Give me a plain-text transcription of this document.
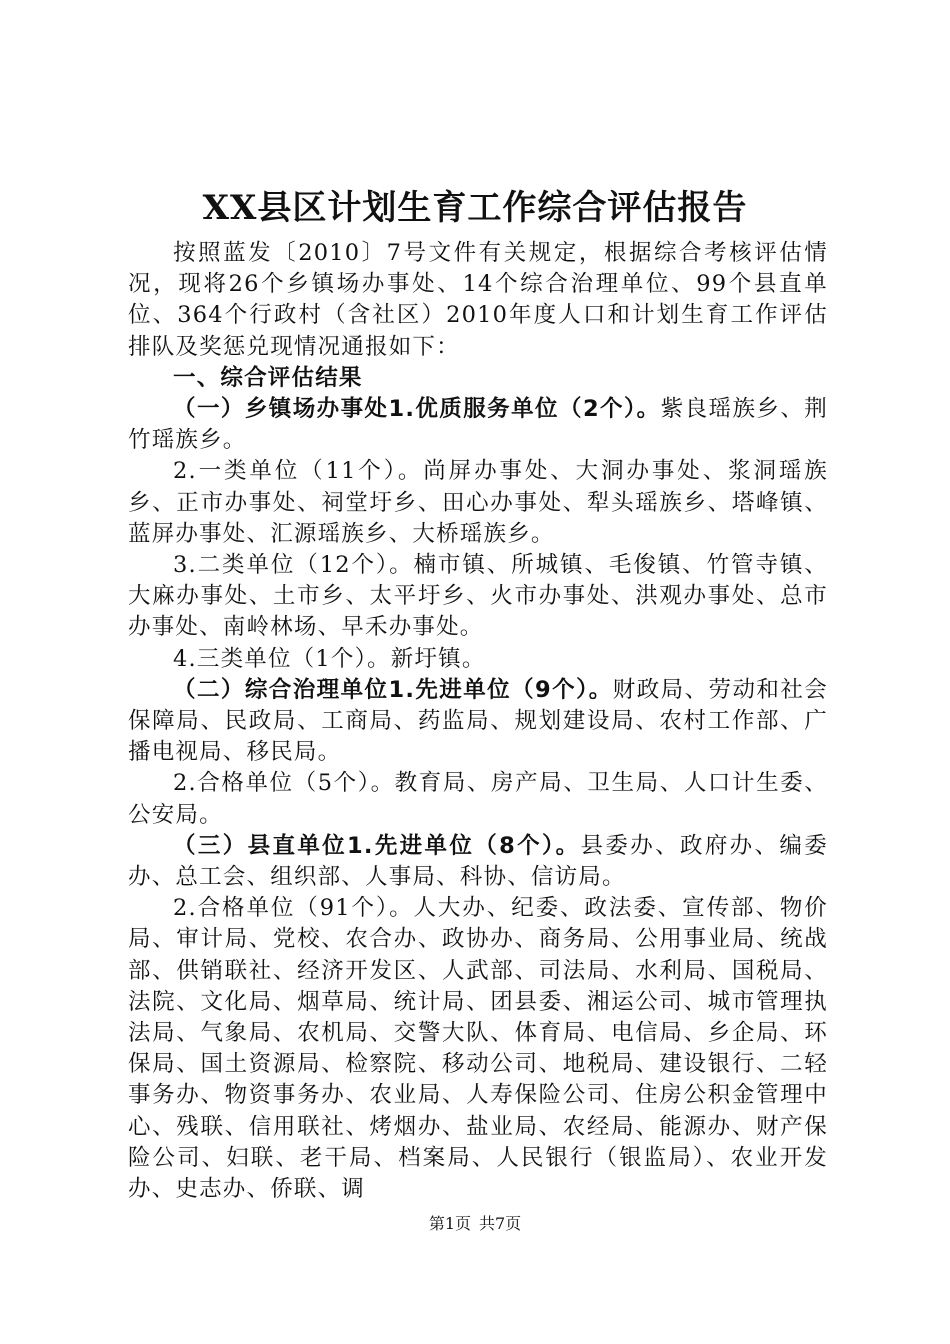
XX县区计划生育工作综合评估报告

按照蓝发〔2010〕7号文件有关规定，根据综合考核评估情况，现将26个乡镇场办事处、14个综合治理单位、99个县直单位、364个行政村（含社区）2010年度人口和计划生育工作评估排队及奖惩兑现情况通报如下：

一、综合评估结果

（一）乡镇场办事处1.优质服务单位（2个）。紫良瑶族乡、荆竹瑶族乡。

2.一类单位（11个）。尚屏办事处、大洞办事处、浆洞瑶族乡、正市办事处、祠堂圩乡、田心办事处、犁头瑶族乡、塔峰镇、蓝屏办事处、汇源瑶族乡、大桥瑶族乡。

3.二类单位（12个）。楠市镇、所城镇、毛俊镇、竹管寺镇、大麻办事处、土市乡、太平圩乡、火市办事处、洪观办事处、总市办事处、南岭林场、早禾办事处。

4.三类单位（1个）。新圩镇。

（二）综合治理单位1.先进单位（9个）。财政局、劳动和社会保障局、民政局、工商局、药监局、规划建设局、农村工作部、广播电视局、移民局。

2.合格单位（5个）。教育局、房产局、卫生局、人口计生委、公安局。

（三）县直单位1.先进单位（8个）。县委办、政府办、编委办、总工会、组织部、人事局、科协、信访局。

2.合格单位（91个）。人大办、纪委、政法委、宣传部、物价局、审计局、党校、农合办、政协办、商务局、公用事业局、统战部、供销联社、经济开发区、人武部、司法局、水利局、国税局、法院、文化局、烟草局、统计局、团县委、湘运公司、城市管理执法局、气象局、农机局、交警大队、体育局、电信局、乡企局、环保局、国土资源局、检察院、移动公司、地税局、建设银行、二轻事务办、物资事务办、农业局、人寿保险公司、住房公积金管理中心、残联、信用联社、烤烟办、盐业局、农经局、能源办、财产保险公司、妇联、老干局、档案局、人民银行（银监局）、农业开发办、史志办、侨联、调

第1页 共7页
